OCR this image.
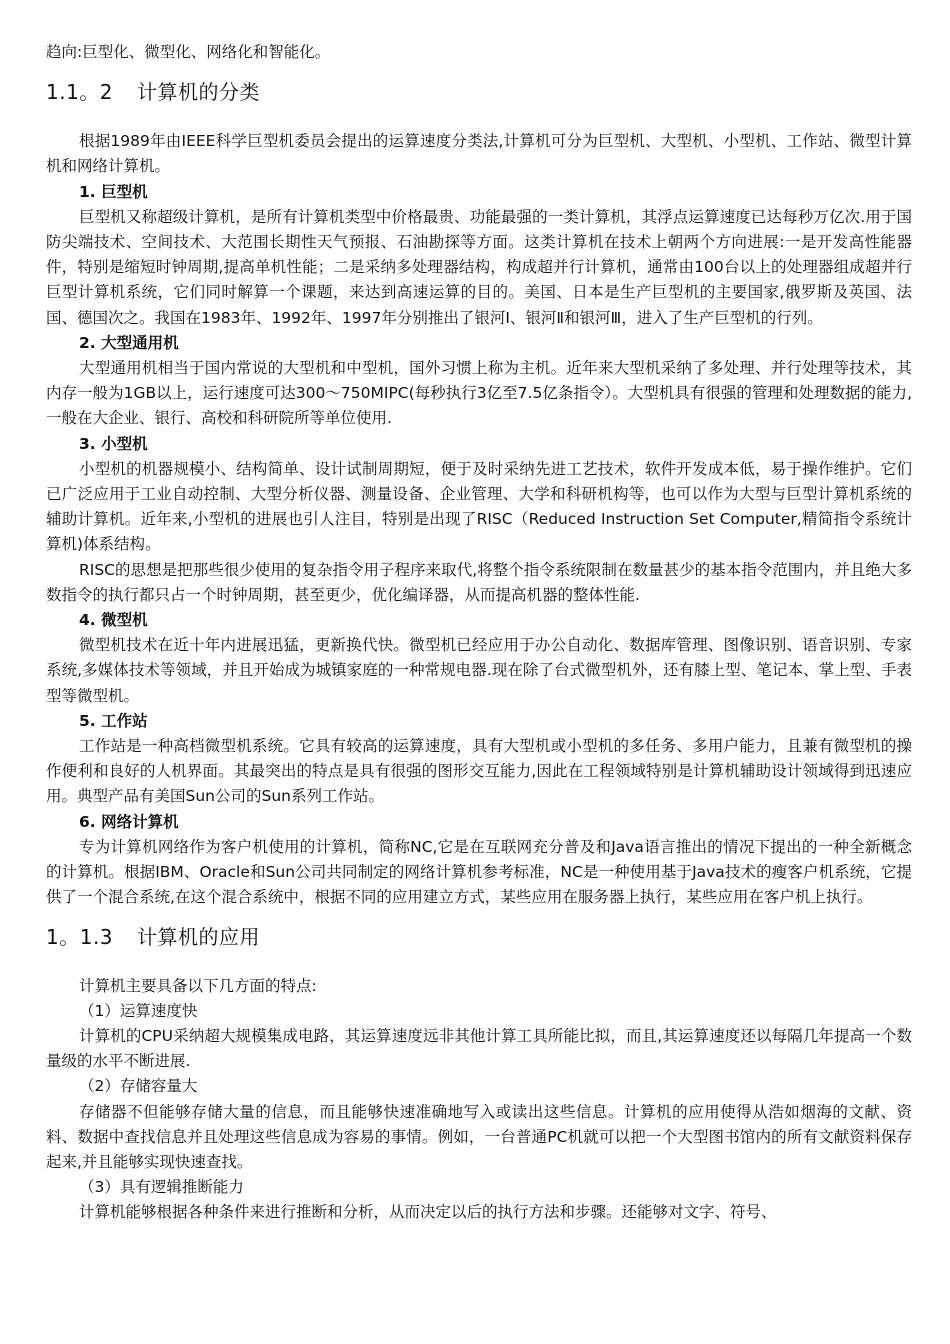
趋向:巨型化、微型化、网络化和智能化。

1.1。2 计算机的分类

根据1989年由IEEE科学巨型机委员会提出的运算速度分类法,计算机可分为巨型机、大型机、小型机、工作站、微型计算机和网络计算机。

1. 巨型机

巨型机又称超级计算机，是所有计算机类型中价格最贵、功能最强的一类计算机，其浮点运算速度已达每秒万亿次.用于国防尖端技术、空间技术、大范围长期性天气预报、石油勘探等方面。这类计算机在技术上朝两个方向进展:一是开发高性能器件，特别是缩短时钟周期,提高单机性能；二是采纳多处理器结构，构成超并行计算机，通常由100台以上的处理器组成超并行巨型计算机系统，它们同时解算一个课题，来达到高速运算的目的。美国、日本是生产巨型机的主要国家,俄罗斯及英国、法国、德国次之。我国在1983年、1992年、1997年分别推出了银河Ⅰ、银河Ⅱ和银河Ⅲ，进入了生产巨型机的行列。

2. 大型通用机

大型通用机相当于国内常说的大型机和中型机，国外习惯上称为主机。近年来大型机采纳了多处理、并行处理等技术，其内存一般为1GB以上，运行速度可达300～750MIPC(每秒执行3亿至7.5亿条指令）。大型机具有很强的管理和处理数据的能力,一般在大企业、银行、高校和科研院所等单位使用.

3. 小型机

小型机的机器规模小、结构简单、设计试制周期短，便于及时采纳先进工艺技术，软件开发成本低，易于操作维护。它们已广泛应用于工业自动控制、大型分析仪器、测量设备、企业管理、大学和科研机构等，也可以作为大型与巨型计算机系统的辅助计算机。近年来,小型机的进展也引人注目，特别是出现了RISC（Reduced Instruction Set Computer,精简指令系统计算机)体系结构。

RISC的思想是把那些很少使用的复杂指令用子程序来取代,将整个指令系统限制在数量甚少的基本指令范围内，并且绝大多数指令的执行都只占一个时钟周期，甚至更少，优化编译器，从而提高机器的整体性能.

4. 微型机

微型机技术在近十年内进展迅猛，更新换代快。微型机已经应用于办公自动化、数据库管理、图像识别、语音识别、专家系统,多媒体技术等领域，并且开始成为城镇家庭的一种常规电器.现在除了台式微型机外，还有膝上型、笔记本、掌上型、手表型等微型机。

5. 工作站

工作站是一种高档微型机系统。它具有较高的运算速度，具有大型机或小型机的多任务、多用户能力，且兼有微型机的操作便利和良好的人机界面。其最突出的特点是具有很强的图形交互能力,因此在工程领域特别是计算机辅助设计领域得到迅速应用。典型产品有美国Sun公司的Sun系列工作站。

6. 网络计算机

专为计算机网络作为客户机使用的计算机，简称NC,它是在互联网充分普及和Java语言推出的情况下提出的一种全新概念的计算机。根据IBM、Oracle和Sun公司共同制定的网络计算机参考标准，NC是一种使用基于Java技术的瘦客户机系统，它提供了一个混合系统,在这个混合系统中，根据不同的应用建立方式，某些应用在服务器上执行，某些应用在客户机上执行。

1。1.3 计算机的应用

计算机主要具备以下几方面的特点:

（1）运算速度快

计算机的CPU采纳超大规模集成电路，其运算速度远非其他计算工具所能比拟，而且,其运算速度还以每隔几年提高一个数量级的水平不断进展.

（2）存储容量大

存储器不但能够存储大量的信息，而且能够快速准确地写入或读出这些信息。计算机的应用使得从浩如烟海的文献、资料、数据中查找信息并且处理这些信息成为容易的事情。例如，一台普通PC机就可以把一个大型图书馆内的所有文献资料保存起来,并且能够实现快速查找。

（3）具有逻辑推断能力

计算机能够根据各种条件来进行推断和分析，从而决定以后的执行方法和步骤。还能够对文字、符号、
